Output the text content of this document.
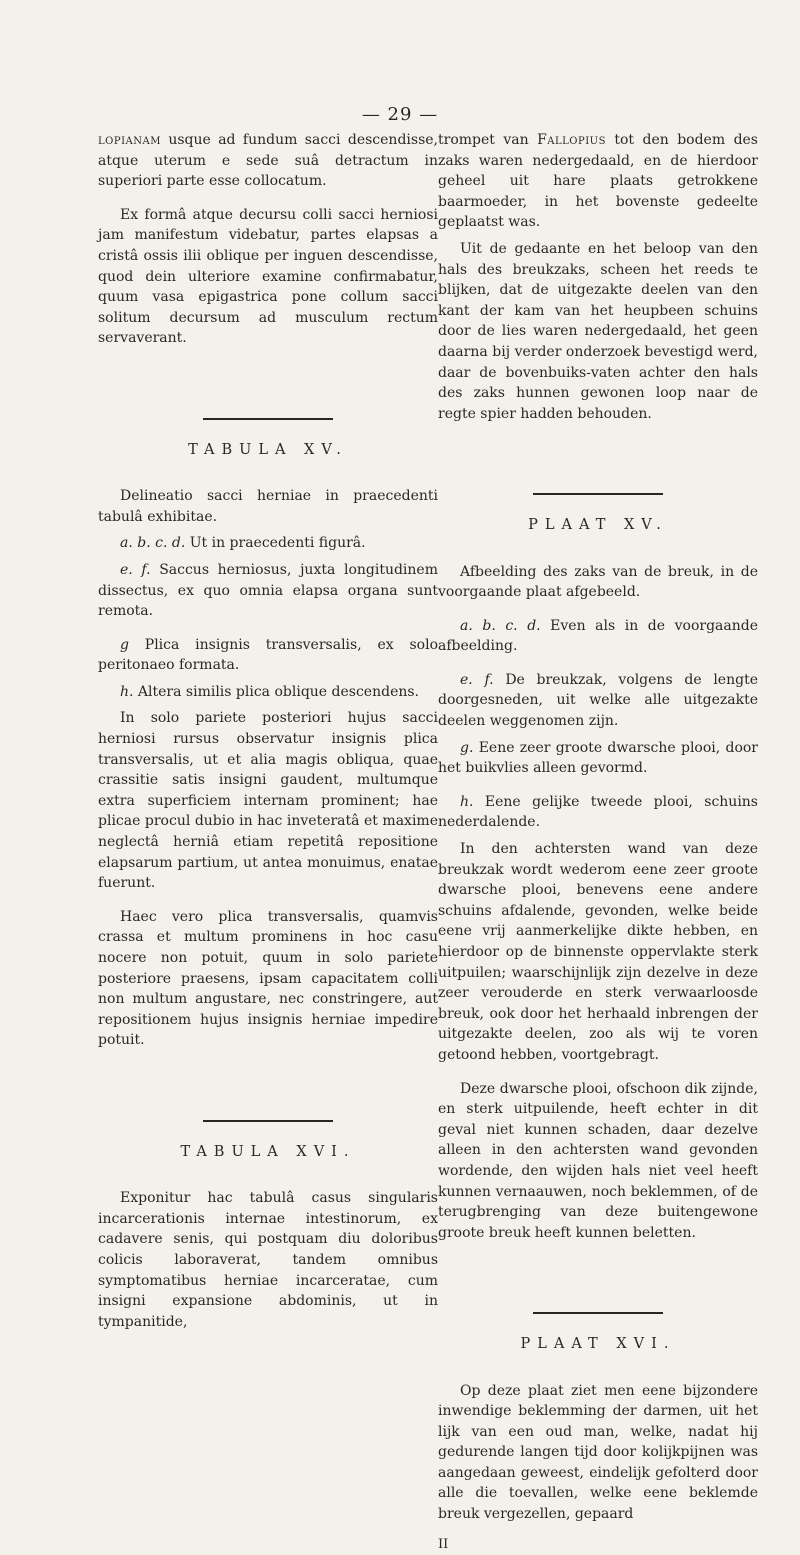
— 29 —

lopianam usque ad fundum sacci descendisse, atque uterum e sede suâ detractum in superiori parte esse collocatum.

Ex formâ atque decursu colli sacci herniosi jam manifestum videbatur, partes elapsas a cristâ ossis ilii oblique per inguen descendisse, quod dein ulteriore examine confirmabatur, quum vasa epigastrica pone collum sacci solitum decursum ad musculum rectum servaverant.

TABULA XV.

Delineatio sacci herniae in praecedenti tabulâ exhibitae.

a. b. c. d. Ut in praecedenti figurâ.

e. f. Saccus herniosus, juxta longitudinem dissectus, ex quo omnia elapsa organa sunt remota.

g Plica insignis transversalis, ex solo peritonaeo formata.

h. Altera similis plica oblique descendens.

In solo pariete posteriori hujus sacci herniosi rursus observatur insignis plica transversalis, ut et alia magis obliqua, quae crassitie satis insigni gaudent, multumque extra superficiem internam prominent; hae plicae procul dubio in hac inveteratâ et maxime neglectâ herniâ etiam repetitâ repositione elapsarum partium, ut antea monuimus, enatae fuerunt.

Haec vero plica transversalis, quamvis crassa et multum prominens in hoc casu nocere non potuit, quum in solo pariete posteriore praesens, ipsam capacitatem colli non multum angustare, nec constringere, aut repositionem hujus insignis herniae impedire potuit.

TABULA XVI.

Exponitur hac tabulâ casus singularis incarcerationis internae intestinorum, ex cadavere senis, qui postquam diu doloribus colicis laboraverat, tandem omnibus symptomatibus herniae incarceratae, cum insigni expansione abdominis, ut in tympanitide,

trompet van Fallopius tot den bodem des zaks waren nedergedaald, en de hierdoor geheel uit hare plaats getrokkene baarmoeder, in het bovenste gedeelte geplaatst was.

Uit de gedaante en het beloop van den hals des breukzaks, scheen het reeds te blijken, dat de uitgezakte deelen van den kant der kam van het heupbeen schuins door de lies waren nedergedaald, het geen daarna bij verder onderzoek bevestigd werd, daar de bovenbuiks-vaten achter den hals des zaks hunnen gewonen loop naar de regte spier hadden behouden.

PLAAT XV.

Afbeelding des zaks van de breuk, in de voorgaande plaat afgebeeld.

a. b. c. d. Even als in de voorgaande afbeelding.

e. f. De breukzak, volgens de lengte doorgesneden, uit welke alle uitgezakte deelen weggenomen zijn.

g. Eene zeer groote dwarsche plooi, door het buikvlies alleen gevormd.

h. Eene gelijke tweede plooi, schuins nederdalende.

In den achtersten wand van deze breukzak wordt wederom eene zeer groote dwarsche plooi, benevens eene andere schuins afdalende, gevonden, welke beide eene vrij aanmerkelijke dikte hebben, en hierdoor op de binnenste oppervlakte sterk uitpuilen; waarschijnlijk zijn dezelve in deze zeer verouderde en sterk verwaarloosde breuk, ook door het herhaald inbrengen der uitgezakte deelen, zoo als wij te voren getoond hebben, voortgebragt.

Deze dwarsche plooi, ofschoon dik zijnde, en sterk uitpuilende, heeft echter in dit geval niet kunnen schaden, daar dezelve alleen in den achtersten wand gevonden wordende, den wijden hals niet veel heeft kunnen vernaauwen, noch beklemmen, of de terugbrenging van deze buitengewone groote breuk heeft kunnen beletten.

PLAAT XVI.

Op deze plaat ziet men eene bijzondere inwendige beklemming der darmen, uit het lijk van een oud man, welke, nadat hij gedurende langen tijd door kolijkpijnen was aangedaan geweest, eindelijk gefolterd door alle die toevallen, welke eene beklemde breuk vergezellen, gepaard

II
